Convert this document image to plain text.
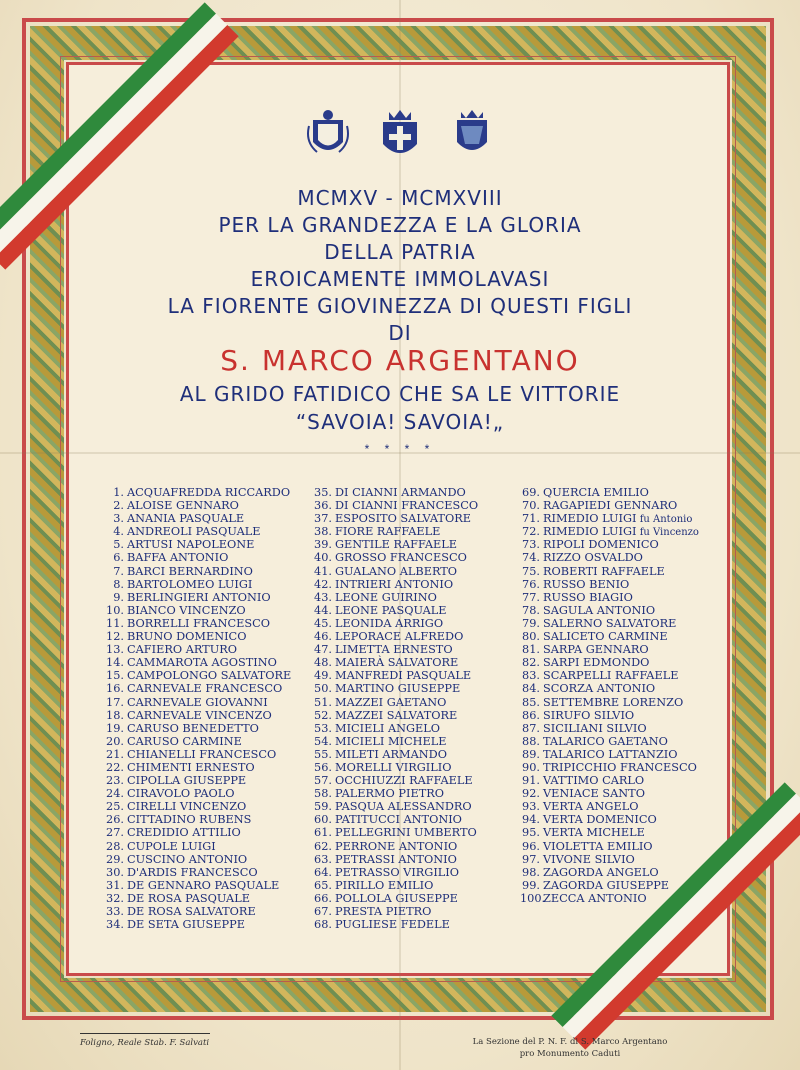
MCMXV - MCMXVIII
PER LA GRANDEZZA E LA GLORIA
DELLA PATRIA
EROICAMENTE IMMOLAVASI
LA FIORENTE GIOVINEZZA DI QUESTI FIGLI
DI
S. MARCO ARGENTANO
AL GRIDO FATIDICO CHE SA LE VITTORIE
“SAVOIA! SAVOIA!„
* * * *
1. ACQUAFREDDA RICCARDO
2. ALOISE GENNARO
3. ANANIA PASQUALE
4. ANDREOLI PASQUALE
5. ARTUSI NAPOLEONE
6. BAFFA ANTONIO
7. BARCI BERNARDINO
8. BARTOLOMEO LUIGI
9. BERLINGIERI ANTONIO
10. BIANCO VINCENZO
11. BORRELLI FRANCESCO
12. BRUNO DOMENICO
13. CAFIERO ARTURO
14. CAMMAROTA AGOSTINO
15. CAMPOLONGO SALVATORE
16. CARNEVALE FRANCESCO
17. CARNEVALE GIOVANNI
18. CARNEVALE VINCENZO
19. CARUSO BENEDETTO
20. CARUSO CARMINE
21. CHIANELLI FRANCESCO
22. CHIMENTI ERNESTO
23. CIPOLLA GIUSEPPE
24. CIRAVOLO PAOLO
25. CIRELLI VINCENZO
26. CITTADINO RUBENS
27. CREDIDIO ATTILIO
28. CUPOLE LUIGI
29. CUSCINO ANTONIO
30. D'ARDIS FRANCESCO
31. DE GENNARO PASQUALE
32. DE ROSA PASQUALE
33. DE ROSA SALVATORE
34. DE SETA GIUSEPPE
35. DI CIANNI ARMANDO
36. DI CIANNI FRANCESCO
37. ESPOSITO SALVATORE
38. FIORE RAFFAELE
39. GENTILE RAFFAELE
40. GROSSO FRANCESCO
41. GUALANO ALBERTO
42. INTRIERI ANTONIO
43. LEONE GUIRINO
44. LEONE PASQUALE
45. LEONIDA ARRIGO
46. LEPORACE ALFREDO
47. LIMETTA ERNESTO
48. MAIERÀ SALVATORE
49. MANFREDI PASQUALE
50. MARTINO GIUSEPPE
51. MAZZEI GAETANO
52. MAZZEI SALVATORE
53. MICIELI ANGELO
54. MICIELI MICHELE
55. MILETI ARMANDO
56. MORELLI VIRGILIO
57. OCCHIUZZI RAFFAELE
58. PALERMO PIETRO
59. PASQUA ALESSANDRO
60. PATITUCCI ANTONIO
61. PELLEGRINI UMBERTO
62. PERRONE ANTONIO
63. PETRASSI ANTONIO
64. PETRASSO VIRGILIO
65. PIRILLO EMILIO
66. POLLOLA GIUSEPPE
67. PRESTA PIETRO
68. PUGLIESE FEDELE
69. QUERCIA EMILIO
70. RAGAPIEDI GENNARO
71. RIMEDIO LUIGI fu Antonio
72. RIMEDIO LUIGI fu Vincenzo
73. RIPOLI DOMENICO
74. RIZZO OSVALDO
75. ROBERTI RAFFAELE
76. RUSSO BENIO
77. RUSSO BIAGIO
78. SAGULA ANTONIO
79. SALERNO SALVATORE
80. SALICETO CARMINE
81. SARPA GENNARO
82. SARPI EDMONDO
83. SCARPELLI RAFFAELE
84. SCORZA ANTONIO
85. SETTEMBRE LORENZO
86. SIRUFO SILVIO
87. SICILIANI SILVIO
88. TALARICO GAETANO
89. TALARICO LATTANZIO
90. TRIPICCHIO FRANCESCO
91. VATTIMO CARLO
92. VENIACE SANTO
93. VERTA ANGELO
94. VERTA DOMENICO
95. VERTA MICHELE
96. VIOLETTA EMILIO
97. VIVONE SILVIO
98. ZAGORDA ANGELO
99. ZAGORDA GIUSEPPE
100.ZECCA ANTONIO
Foligno, Reale Stab. F. Salvati	La Sezione del P. N. F. di S. Marco Argentano
pro Monumento Caduti
